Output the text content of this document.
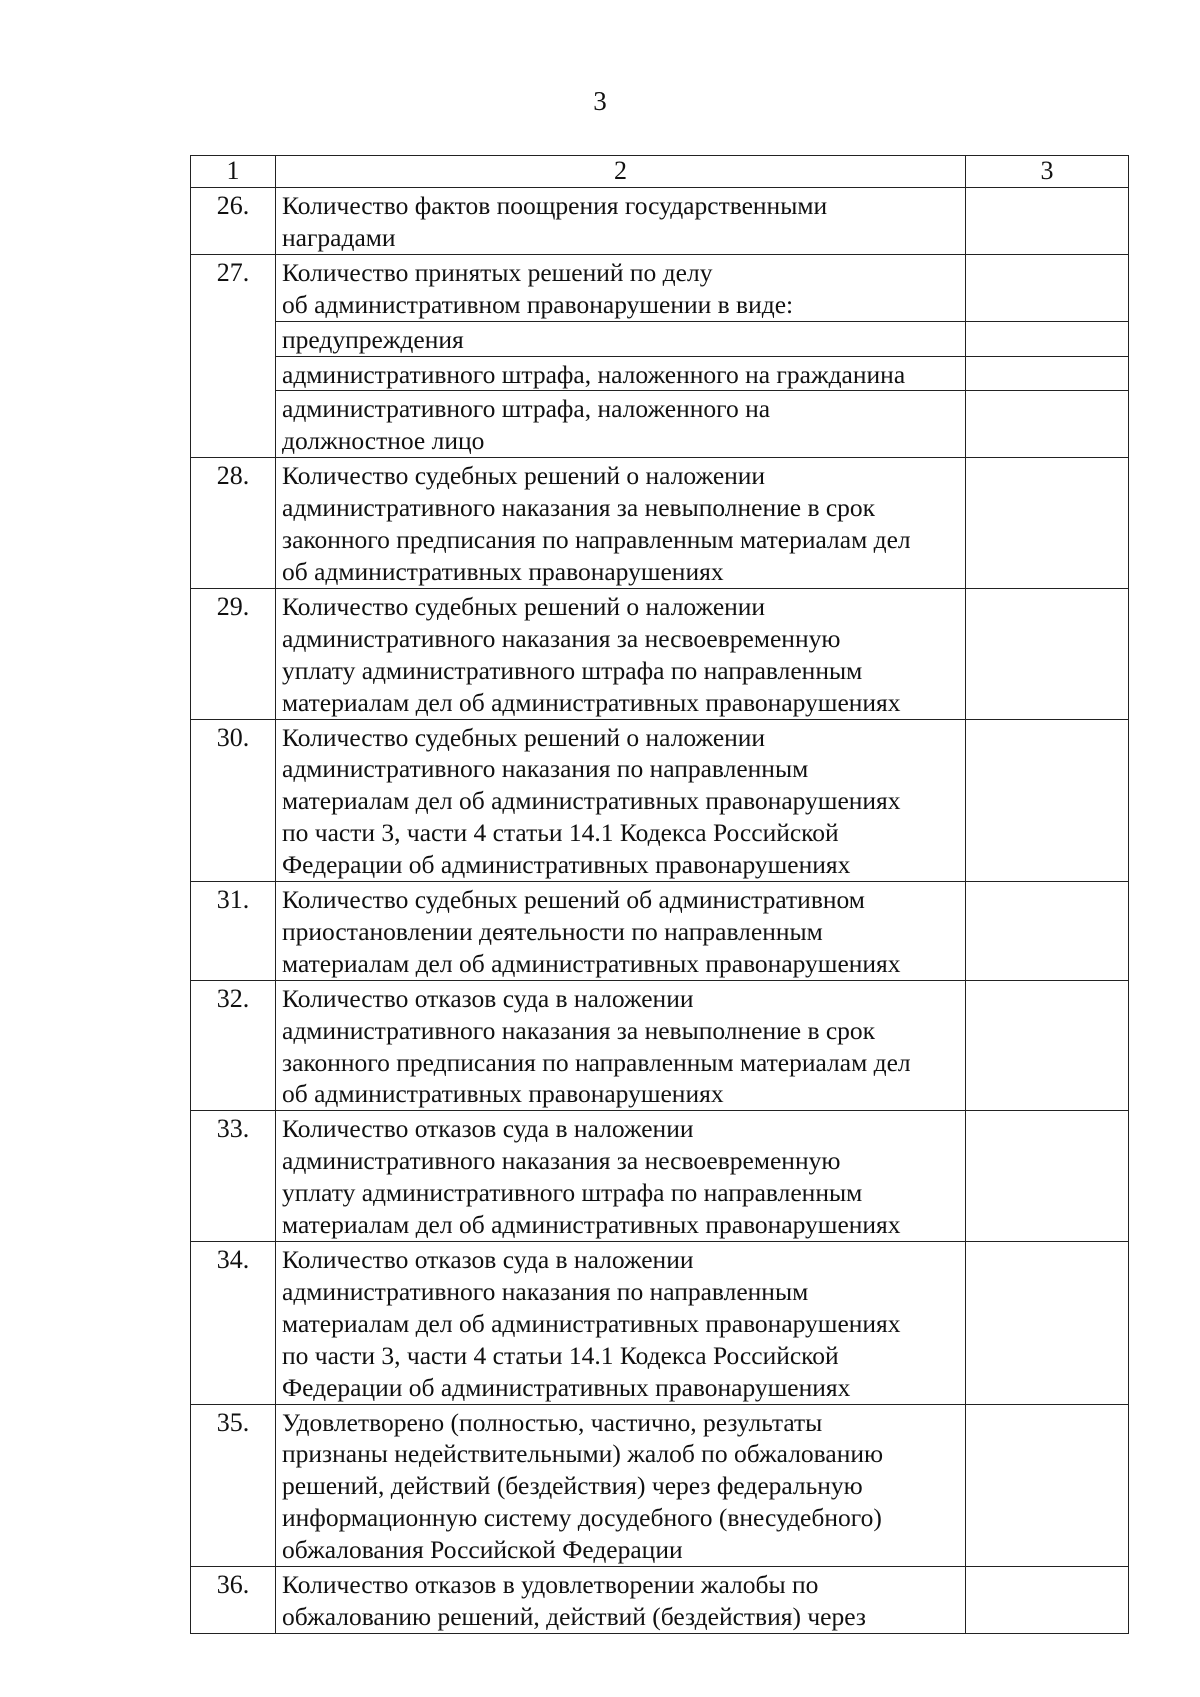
3
1	2	3
26.	Количество фактов поощрения государственными
наградами	
27.	Количество принятых решений по делу
об административном правонарушении в виде:	
	предупреждения	
	административного штрафа, наложенного на гражданина	
	административного штрафа, наложенного на
должностное лицо	
28.	Количество судебных решений о наложении
административного наказания за невыполнение в срок
законного предписания по направленным материалам дел
об административных правонарушениях	
29.	Количество судебных решений о наложении
административного наказания за несвоевременную
уплату административного штрафа по направленным
материалам дел об административных правонарушениях	
30.	Количество судебных решений о наложении
административного наказания по направленным
материалам дел об административных правонарушениях
по части 3, части 4 статьи 14.1 Кодекса Российской
Федерации об административных правонарушениях	
31.	Количество судебных решений об административном
приостановлении деятельности по направленным
материалам дел об административных правонарушениях	
32.	Количество отказов суда в наложении
административного наказания за невыполнение в срок
законного предписания по направленным материалам дел
об административных правонарушениях	
33.	Количество отказов суда в наложении
административного наказания за несвоевременную
уплату административного штрафа по направленным
материалам дел об административных правонарушениях	
34.	Количество отказов суда в наложении
административного наказания по направленным
материалам дел об административных правонарушениях
по части 3, части 4 статьи 14.1 Кодекса Российской
Федерации об административных правонарушениях	
35.	Удовлетворено (полностью, частично, результаты
признаны недействительными) жалоб по обжалованию
решений, действий (бездействия) через федеральную
информационную систему досудебного (внесудебного)
обжалования Российской Федерации	
36.	Количество отказов в удовлетворении жалобы по
обжалованию решений, действий (бездействия) через	
